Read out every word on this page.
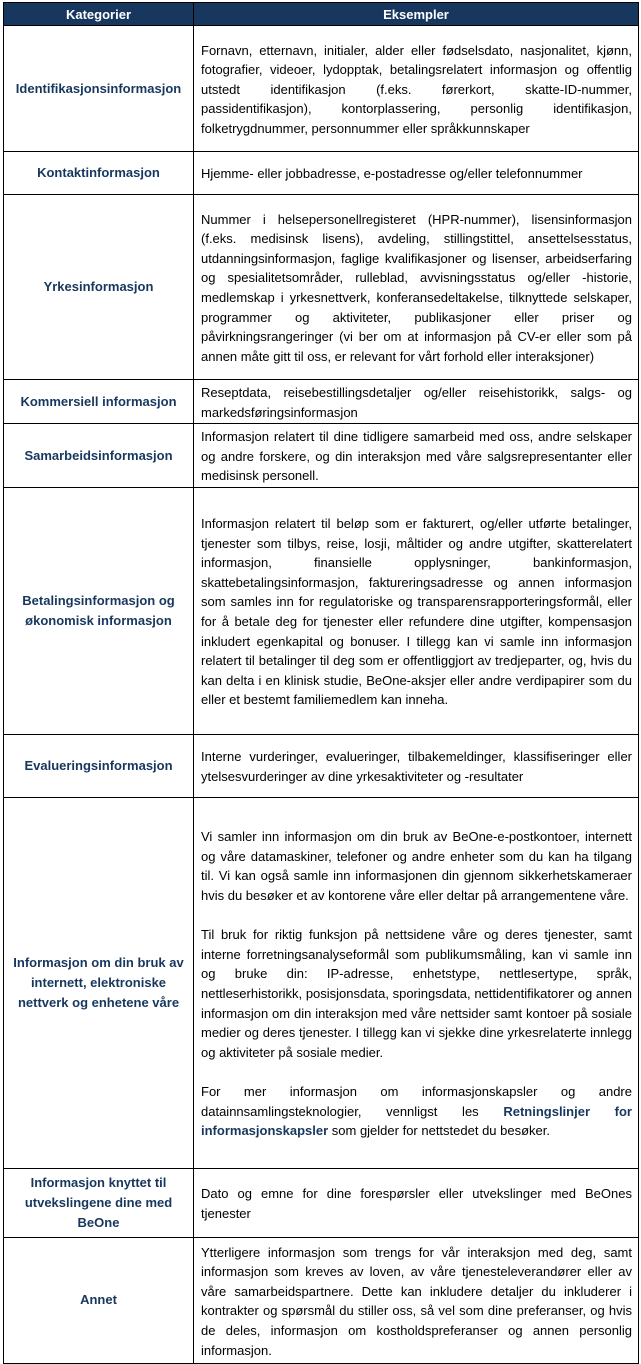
Kategorier	Eksempler
Identifikasjonsinformasjon	Fornavn, etternavn, initialer, alder eller fødselsdato, nasjonalitet, kjønn, fotografier, videoer, lydopptak, betalingsrelatert informasjon og offentlig utstedt identifikasjon (f.eks. førerkort, skatte-ID-nummer, passidentifikasjon), kontorplassering, personlig identifikasjon, folketrygdnummer, personnummer eller språkkunnskaper
Kontaktinformasjon	Hjemme- eller jobbadresse, e-postadresse og/eller telefonnummer
Yrkesinformasjon	Nummer i helsepersonellregisteret (HPR-nummer), lisensinformasjon (f.eks. medisinsk lisens), avdeling, stillingstittel, ansettelsesstatus, utdanningsinformasjon, faglige kvalifikasjoner og lisenser, arbeidserfaring og spesialitetsområder, rulleblad, avvisningsstatus og/eller -historie, medlemskap i yrkesnettverk, konferansedeltakelse, tilknyttede selskaper, programmer og aktiviteter, publikasjoner eller priser og påvirkningsrangeringer (vi ber om at informasjon på CV-er eller som på annen måte gitt til oss, er relevant for vårt forhold eller interaksjoner)
Kommersiell informasjon	Reseptdata, reisebestillingsdetaljer og/eller reisehistorikk, salgs- og markedsføringsinformasjon
Samarbeidsinformasjon	Informasjon relatert til dine tidligere samarbeid med oss, andre selskaper og andre forskere, og din interaksjon med våre salgsrepresentanter eller medisinsk personell.
Betalingsinformasjon og økonomisk informasjon	Informasjon relatert til beløp som er fakturert, og/eller utførte betalinger, tjenester som tilbys, reise, losji, måltider og andre utgifter, skatterelatert informasjon, finansielle opplysninger, bankinformasjon, skattebetalingsinformasjon, faktureringsadresse og annen informasjon som samles inn for regulatoriske og transparensrapporteringsformål, eller for å betale deg for tjenester eller refundere dine utgifter, kompensasjon inkludert egenkapital og bonuser. I tillegg kan vi samle inn informasjon relatert til betalinger til deg som er offentliggjort av tredjeparter, og, hvis du kan delta i en klinisk studie, BeOne-aksjer eller andre verdipapirer som du eller et bestemt familiemedlem kan inneha.
Evalueringsinformasjon	Interne vurderinger, evalueringer, tilbakemeldinger, klassifiseringer eller ytelsesvurderinger av dine yrkesaktiviteter og -resultater
Informasjon om din bruk av internett, elektroniske nettverk og enhetene våre	Vi samler inn informasjon om din bruk av BeOne-e-postkontoer, internett og våre datamaskiner, telefoner og andre enheter som du kan ha tilgang til. Vi kan også samle inn informasjonen din gjennom sikkerhetskameraer hvis du besøker et av kontorene våre eller deltar på arrangementene våre.

Til bruk for riktig funksjon på nettsidene våre og deres tjenester, samt interne forretningsanalyseformål som publikumsmåling, kan vi samle inn og bruke din: IP-adresse, enhetstype, nettlesertype, språk, nettleserhistorikk, posisjonsdata, sporingsdata, nettidentifikatorer og annen informasjon om din interaksjon med våre nettsider samt kontoer på sosiale medier og deres tjenester. I tillegg kan vi sjekke dine yrkesrelaterte innlegg og aktiviteter på sosiale medier.

For mer informasjon om informasjonskapsler og andre datainnsamlingsteknologier, vennligst les Retningslinjer for informasjonskapsler som gjelder for nettstedet du besøker.

Informasjon knyttet til utvekslingene dine med BeOne	Dato og emne for dine forespørsler eller utvekslinger med BeOnes tjenester
Annet	Ytterligere informasjon som trengs for vår interaksjon med deg, samt informasjon som kreves av loven, av våre tjenesteleverandører eller av våre samarbeidspartnere. Dette kan inkludere detaljer du inkluderer i kontrakter og spørsmål du stiller oss, så vel som dine preferanser, og hvis de deles, informasjon om kostholdspreferanser og annen personlig informasjon.
